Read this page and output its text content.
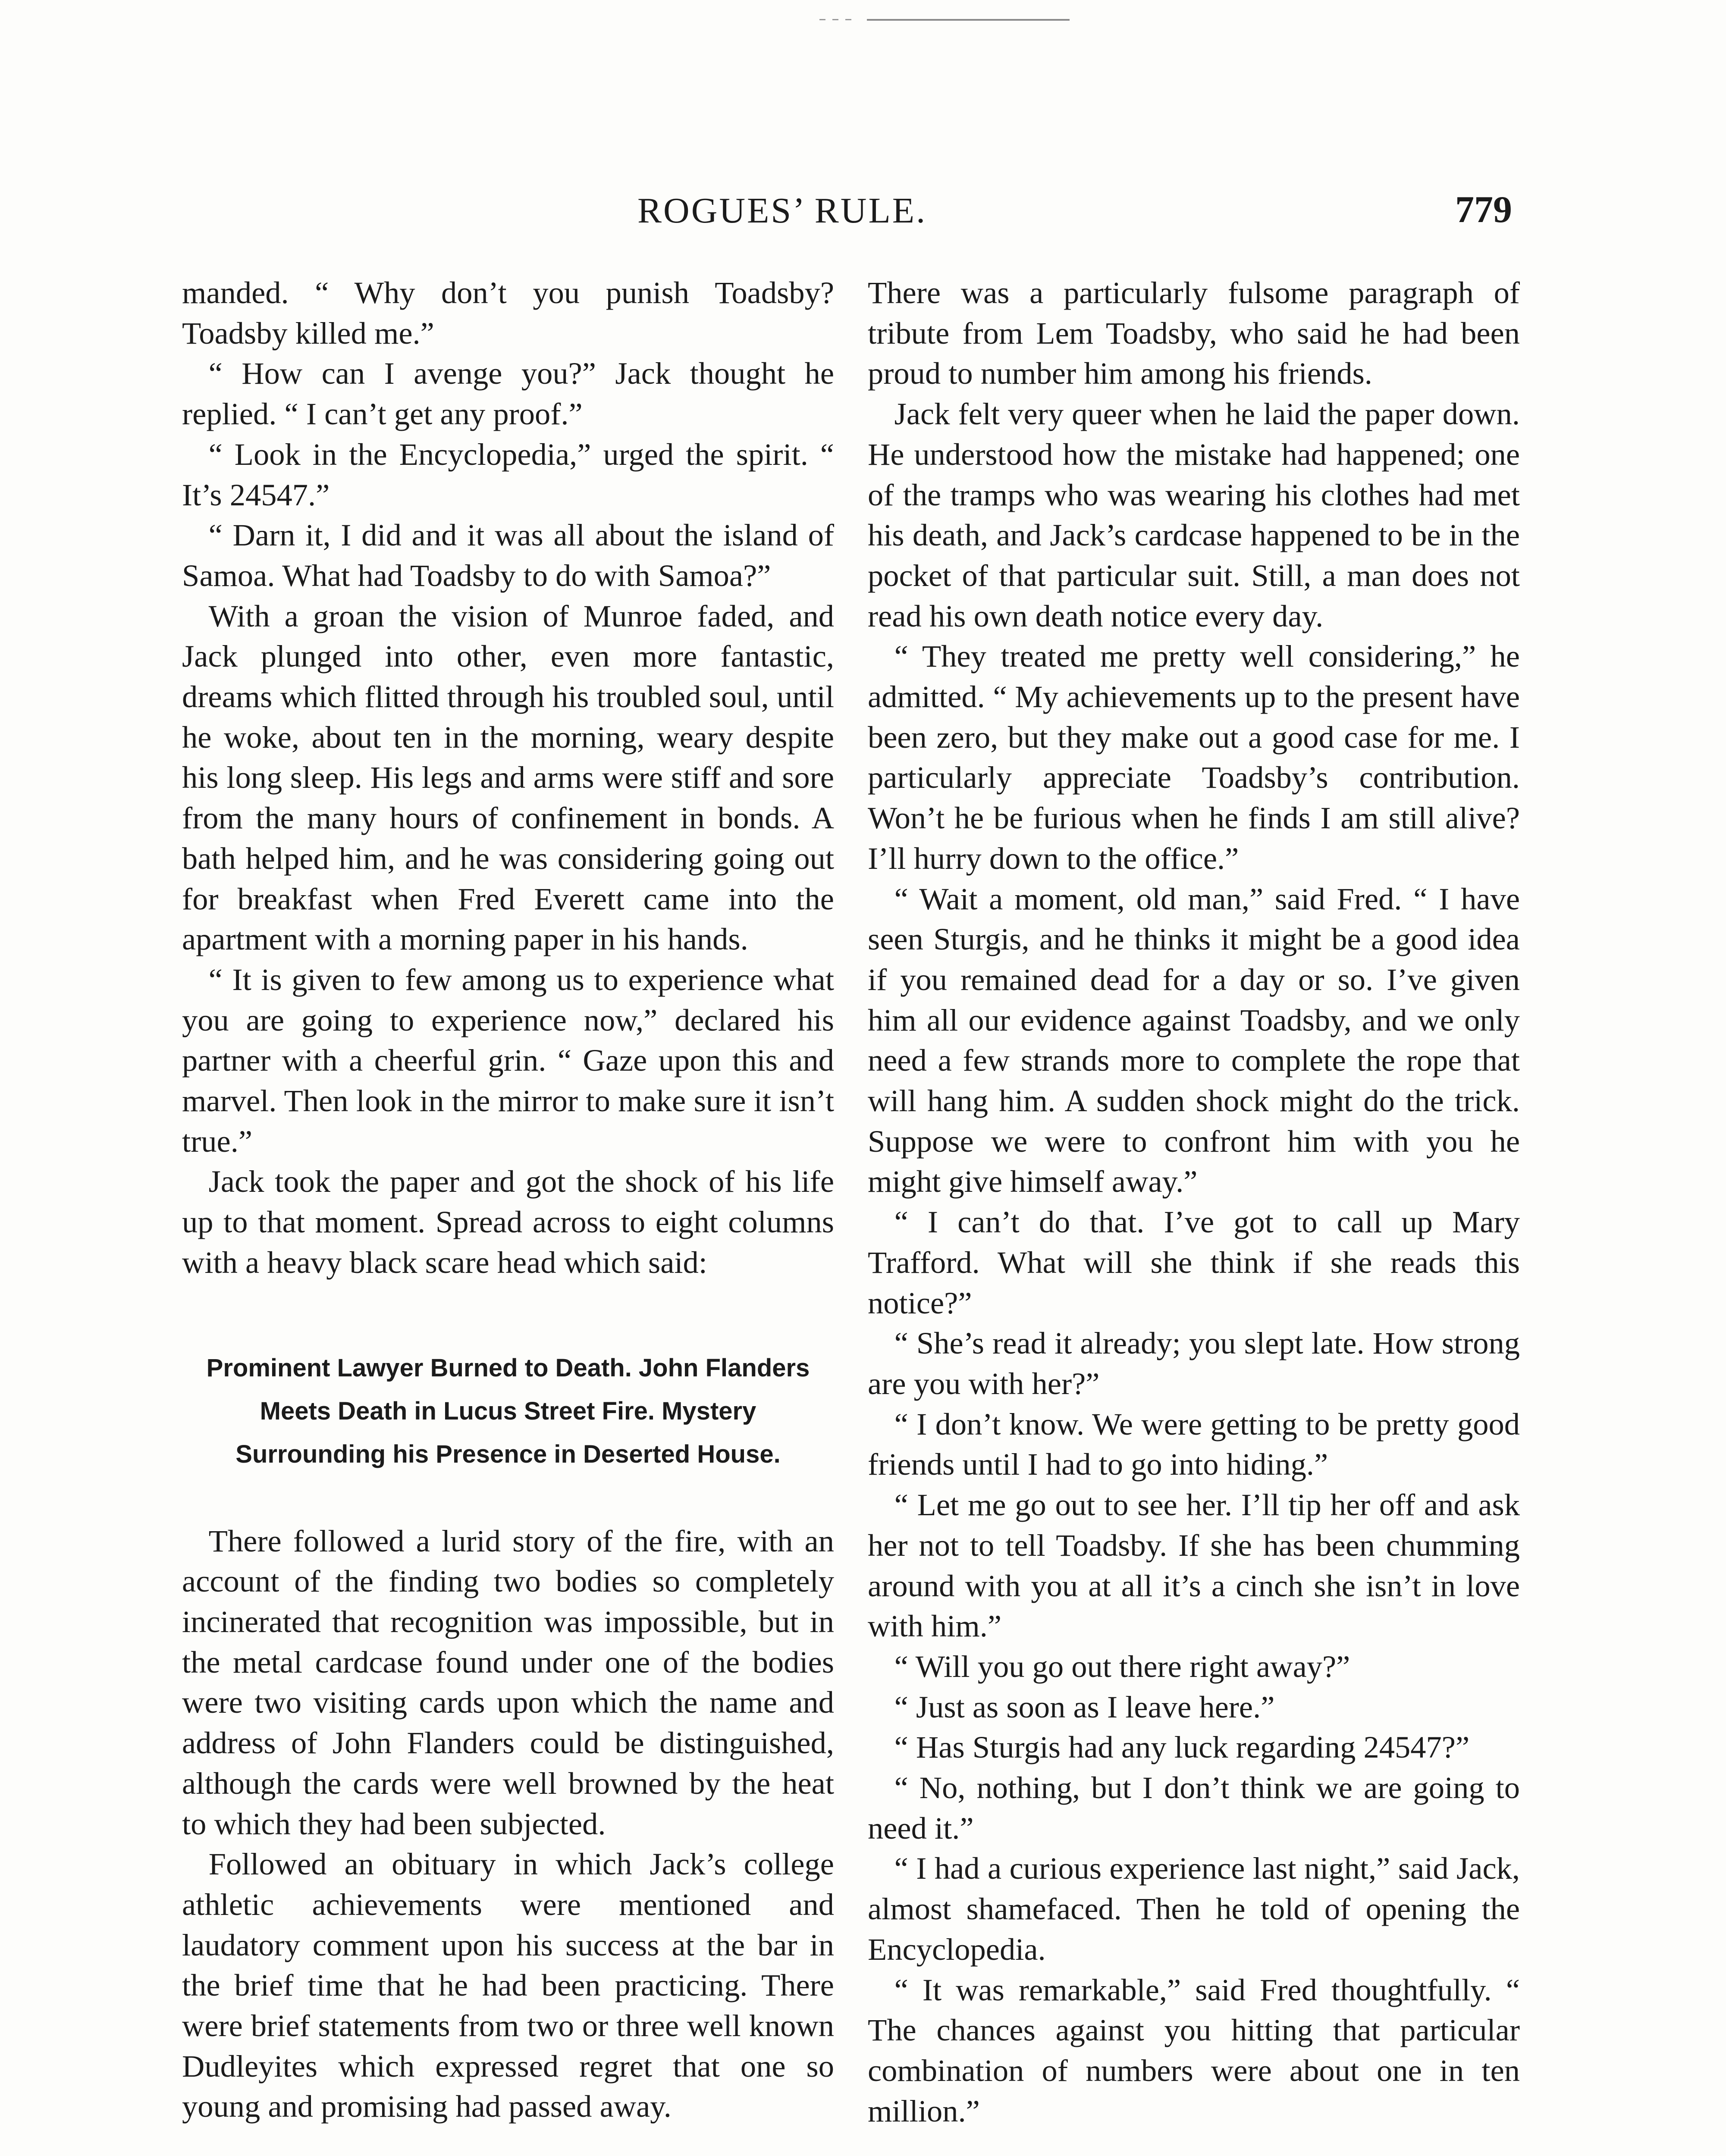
ROGUES’ RULE.	779

manded. “ Why don’t you punish Toadsby? Toadsby killed me.”

“ How can I avenge you?” Jack thought he replied. “ I can’t get any proof.”

“ Look in the Encyclopedia,” urged the spirit. “ It’s 24547.”

“ Darn it, I did and it was all about the island of Samoa. What had Toadsby to do with Samoa?”

With a groan the vision of Munroe faded, and Jack plunged into other, even more fantastic, dreams which flitted through his troubled soul, until he woke, about ten in the morning, weary despite his long sleep. His legs and arms were stiff and sore from the many hours of confinement in bonds. A bath helped him, and he was considering going out for breakfast when Fred Everett came into the apartment with a morning paper in his hands.

“ It is given to few among us to experience what you are going to experience now,” declared his partner with a cheerful grin. “ Gaze upon this and marvel. Then look in the mirror to make sure it isn’t true.”

Jack took the paper and got the shock of his life up to that moment. Spread across to eight columns with a heavy black scare head which said:

Prominent Lawyer Burned to Death. John Flanders Meets Death in Lucus Street Fire. Mystery Surrounding his Presence in Deserted House.

There followed a lurid story of the fire, with an account of the finding two bodies so completely incinerated that recognition was impossible, but in the metal cardcase found under one of the bodies were two visiting cards upon which the name and address of John Flanders could be distinguished, although the cards were well browned by the heat to which they had been subjected.

Followed an obituary in which Jack’s college athletic achievements were mentioned and laudatory comment upon his success at the bar in the brief time that he had been practicing. There were brief statements from two or three well known Dudleyites which expressed regret that one so young and promising had passed away.

There was a particularly fulsome paragraph of tribute from Lem Toadsby, who said he had been proud to number him among his friends.

Jack felt very queer when he laid the paper down. He understood how the mistake had happened; one of the tramps who was wearing his clothes had met his death, and Jack’s cardcase happened to be in the pocket of that particular suit. Still, a man does not read his own death notice every day.

“ They treated me pretty well considering,” he admitted. “ My achievements up to the present have been zero, but they make out a good case for me. I particularly appreciate Toadsby’s contribution. Won’t he be furious when he finds I am still alive? I’ll hurry down to the office.”

“ Wait a moment, old man,” said Fred. “ I have seen Sturgis, and he thinks it might be a good idea if you remained dead for a day or so. I’ve given him all our evidence against Toadsby, and we only need a few strands more to complete the rope that will hang him. A sudden shock might do the trick. Suppose we were to confront him with you he might give himself away.”

“ I can’t do that. I’ve got to call up Mary Trafford. What will she think if she reads this notice?”

“ She’s read it already; you slept late. How strong are you with her?”

“ I don’t know. We were getting to be pretty good friends until I had to go into hiding.”

“ Let me go out to see her. I’ll tip her off and ask her not to tell Toadsby. If she has been chumming around with you at all it’s a cinch she isn’t in love with him.”

“ Will you go out there right away?”

“ Just as soon as I leave here.”

“ Has Sturgis had any luck regarding 24547?”

“ No, nothing, but I don’t think we are going to need it.”

“ I had a curious experience last night,” said Jack, almost shamefaced. Then he told of opening the Encyclopedia.

“ It was remarkable,” said Fred thoughtfully. “ The chances against you hitting that particular combination of numbers were about one in ten million.”
